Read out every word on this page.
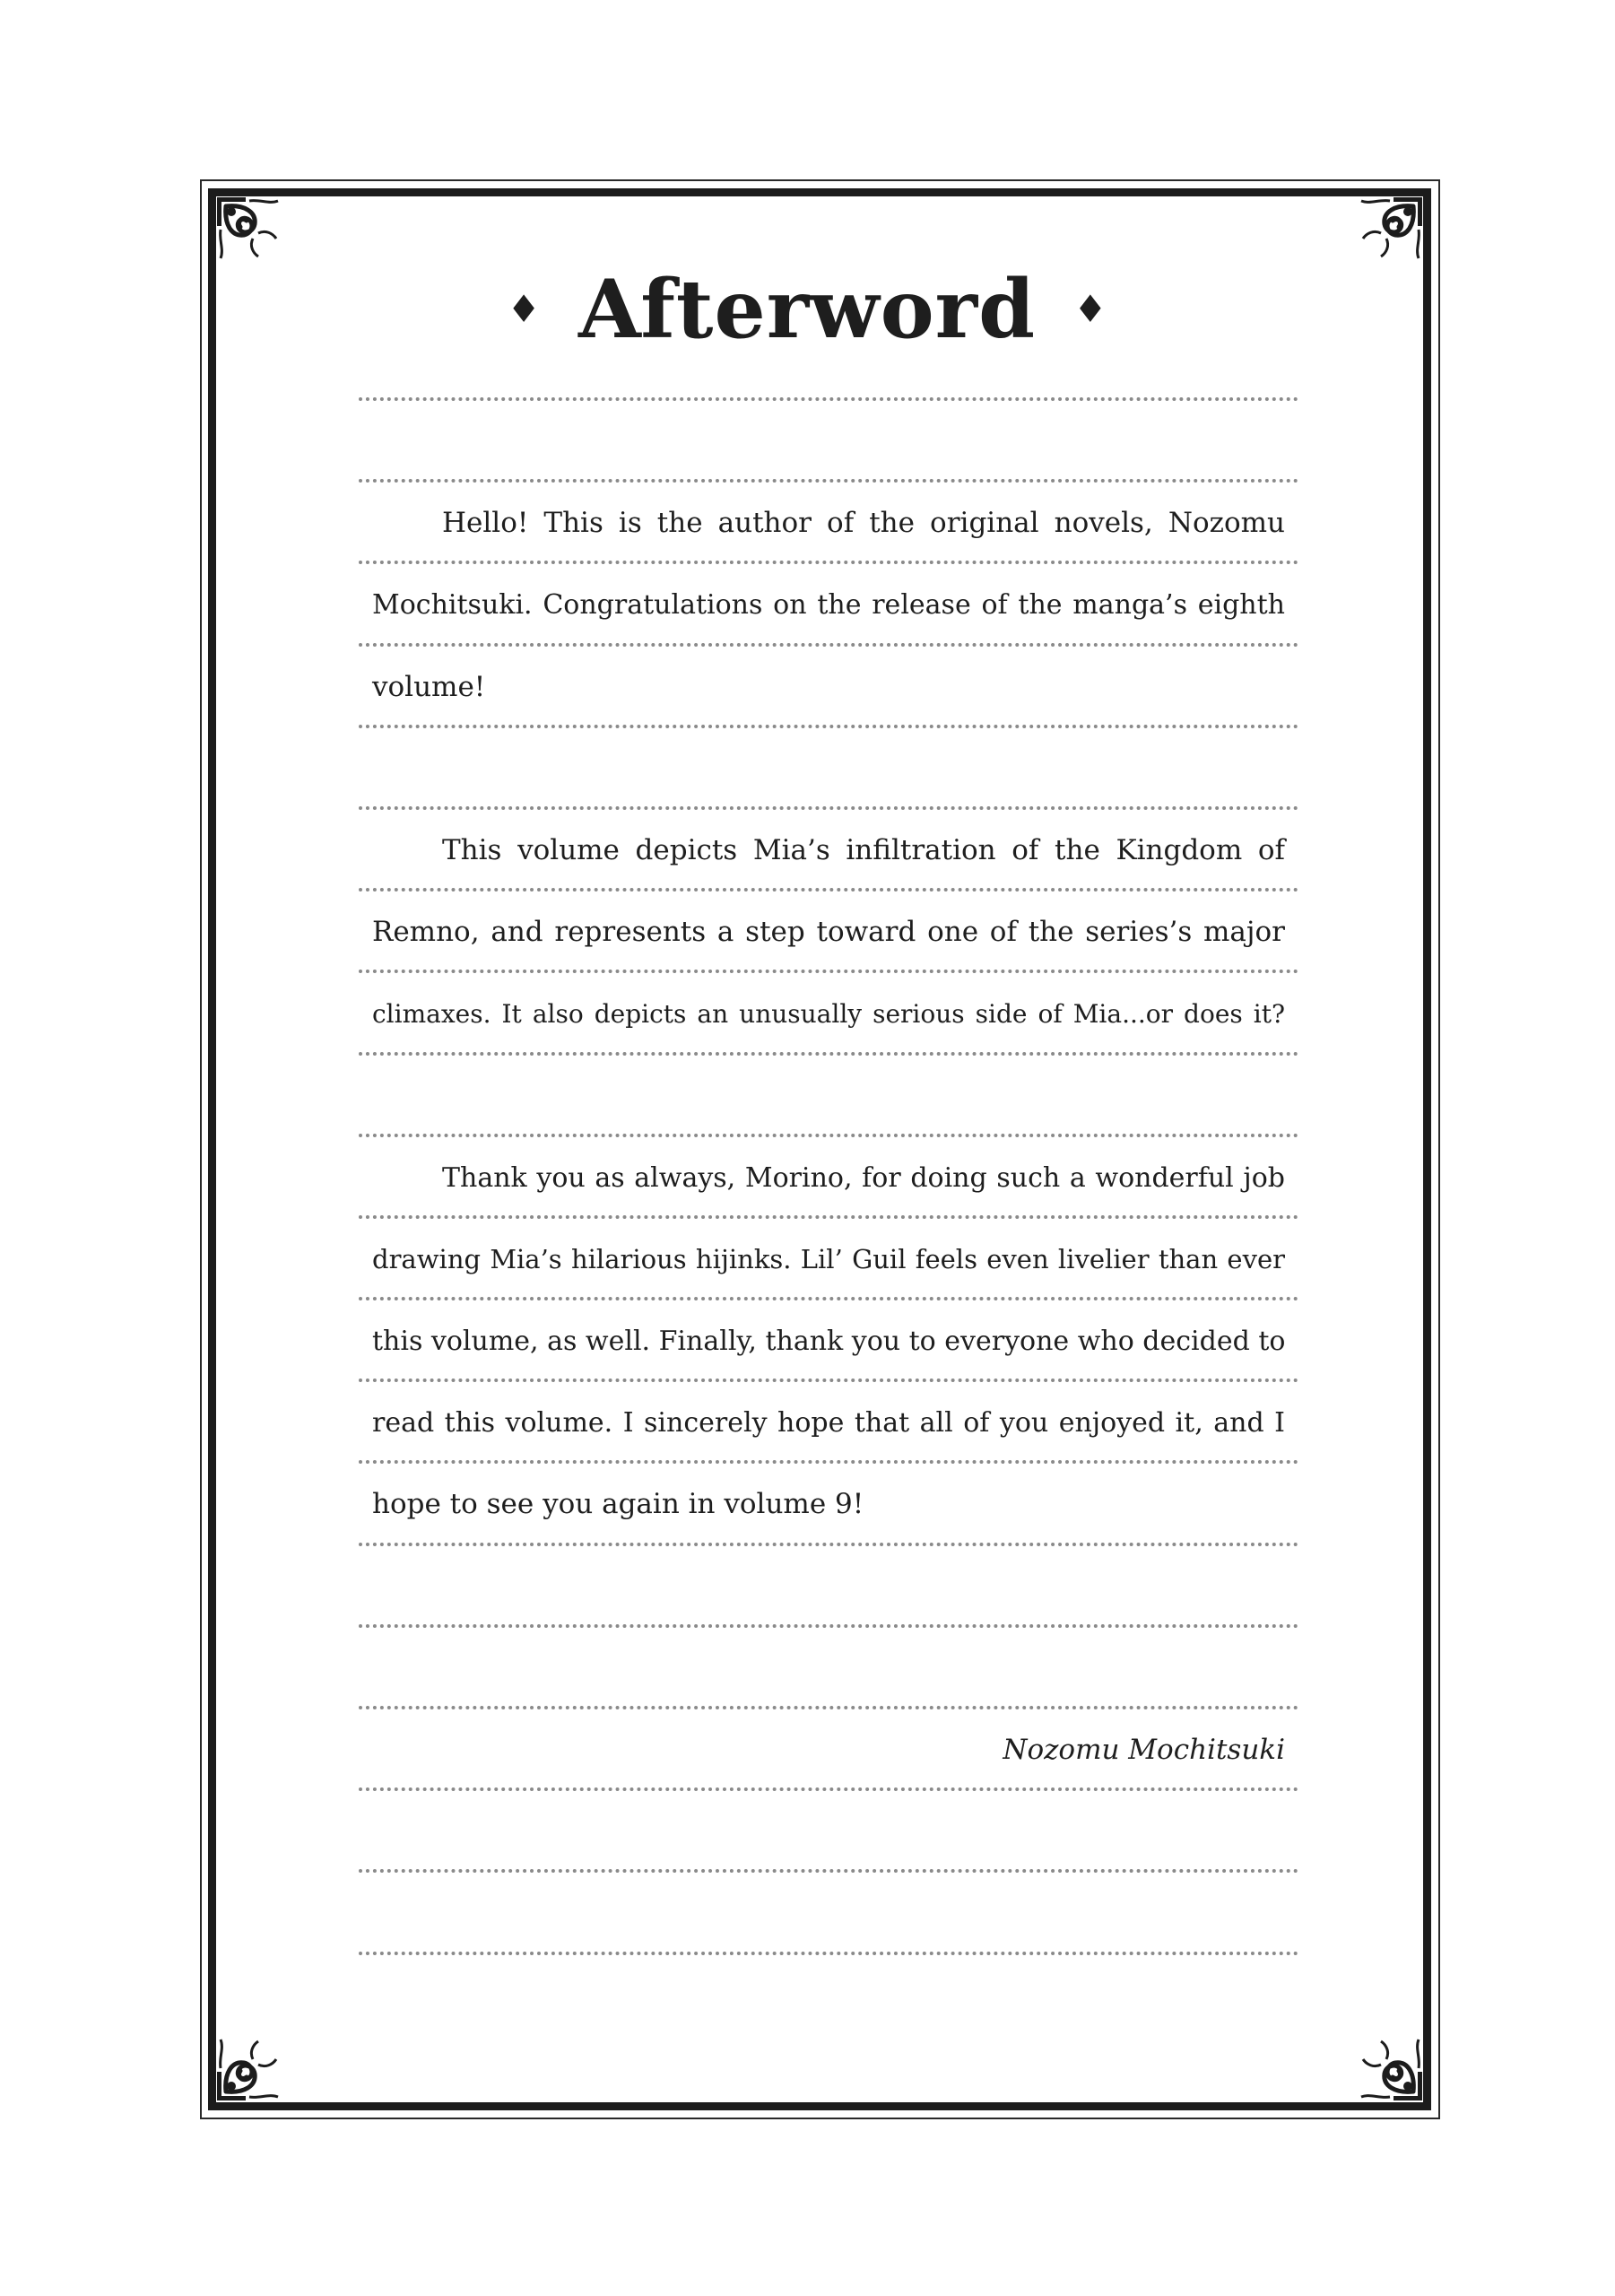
♦ Afterword ♦
Hello! This is the author of the original novels, Nozomu
Mochitsuki. Congratulations on the release of the manga’s eighth
volume!
This volume depicts Mia’s infiltration of the Kingdom of
Remno, and represents a step toward one of the series’s major
climaxes. It also depicts an unusually serious side of Mia...or does it?
Thank you as always, Morino, for doing such a wonderful job
drawing Mia’s hilarious hijinks. Lil’ Guil feels even livelier than ever
this volume, as well. Finally, thank you to everyone who decided to
read this volume. I sincerely hope that all of you enjoyed it, and I
hope to see you again in volume 9!
Nozomu Mochitsuki
